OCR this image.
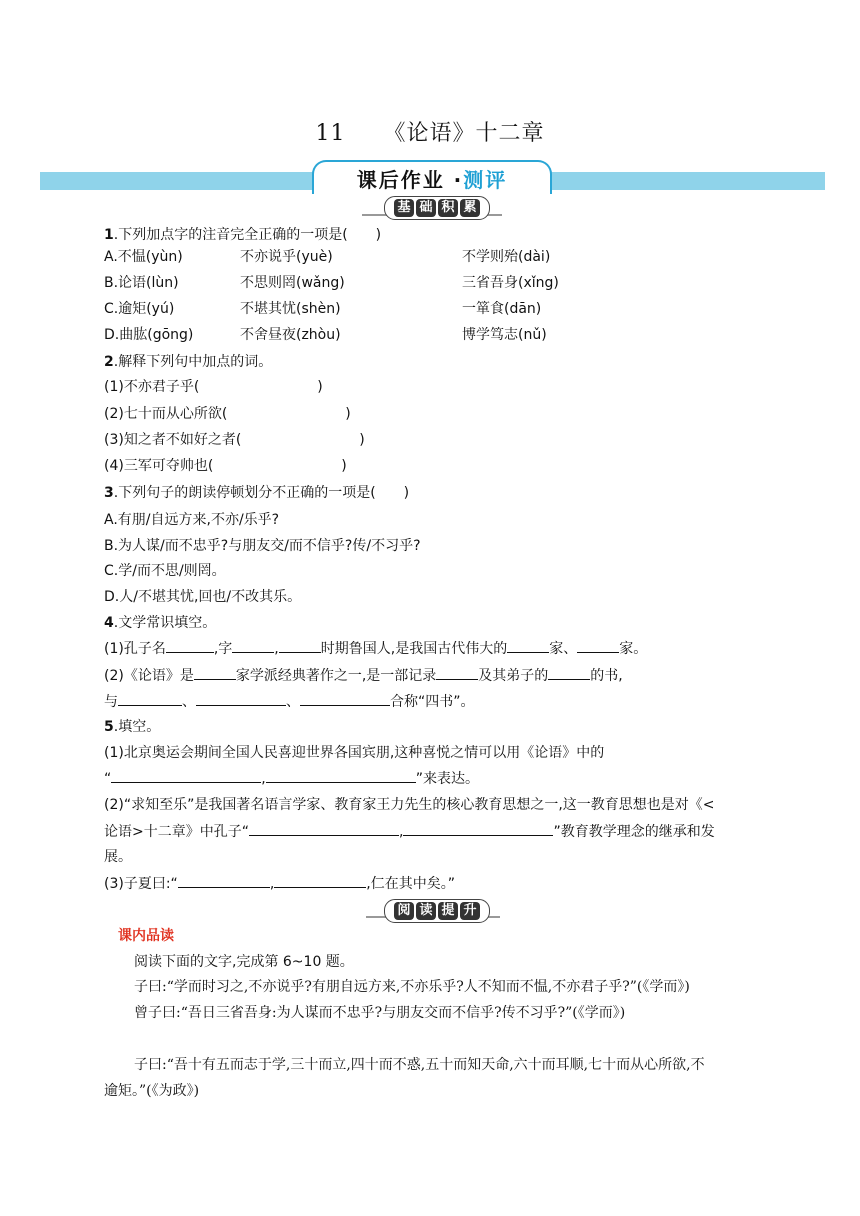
11 《论语》十二章
课后作业 · 测评
基 础 积 累
1.下列加点字的注音完全正确的一项是(　　)
A.不愠(yùn)	不亦说乎(yuè)	不学则殆(dài)
B.论语(lùn)	不思则罔(wǎng)	三省吾身(xǐng)
C.逾矩(yú)	不堪其忧(shèn)	一箪食(dān)
D.曲肱(gōng)	不舍昼夜(zhòu)	博学笃志(nǔ)
2.解释下列句中加点的词。
(1)不亦君子乎(	)
(2)七十而从心所欲(	)
(3)知之者不如好之者(	)
(4)三军可夺帅也(	)
3.下列句子的朗读停顿划分不正确的一项是(　　)
A.有朋/自远方来,不亦/乐乎?
B.为人谋/而不忠乎?与朋友交/而不信乎?传/不习乎?
C.学/而不思/则罔。
D.人/不堪其忧,回也/不改其乐。
4.文学常识填空。
(1)孔子名	,字	,	时期鲁国人,是我国古代伟大的	家、	家。
(2)《论语》是	家学派经典著作之一,是一部记录	及其弟子的	的书,
与	、	、	合称“四书”。
5.填空。
(1)北京奥运会期间全国人民喜迎世界各国宾朋,这种喜悦之情可以用《论语》中的
“	,	”来表达。
(2)“求知至乐”是我国著名语言学家、教育家王力先生的核心教育思想之一,这一教育思想也是对《<
论语>十二章》中孔子“	,	”教育教学理念的继承和发
展。
(3)子夏曰:“	,	,仁在其中矣。”
阅 读 提 升
课内品读
阅读下面的文字,完成第 6~10 题。
子曰:“学而时习之,不亦说乎?有朋自远方来,不亦乐乎?人不知而不愠,不亦君子乎?”(《学而》)
曾子曰:“吾日三省吾身:为人谋而不忠乎?与朋友交而不信乎?传不习乎?”(《学而》)
子曰:“吾十有五而志于学,三十而立,四十而不惑,五十而知天命,六十而耳顺,七十而从心所欲,不
逾矩。”(《为政》)
